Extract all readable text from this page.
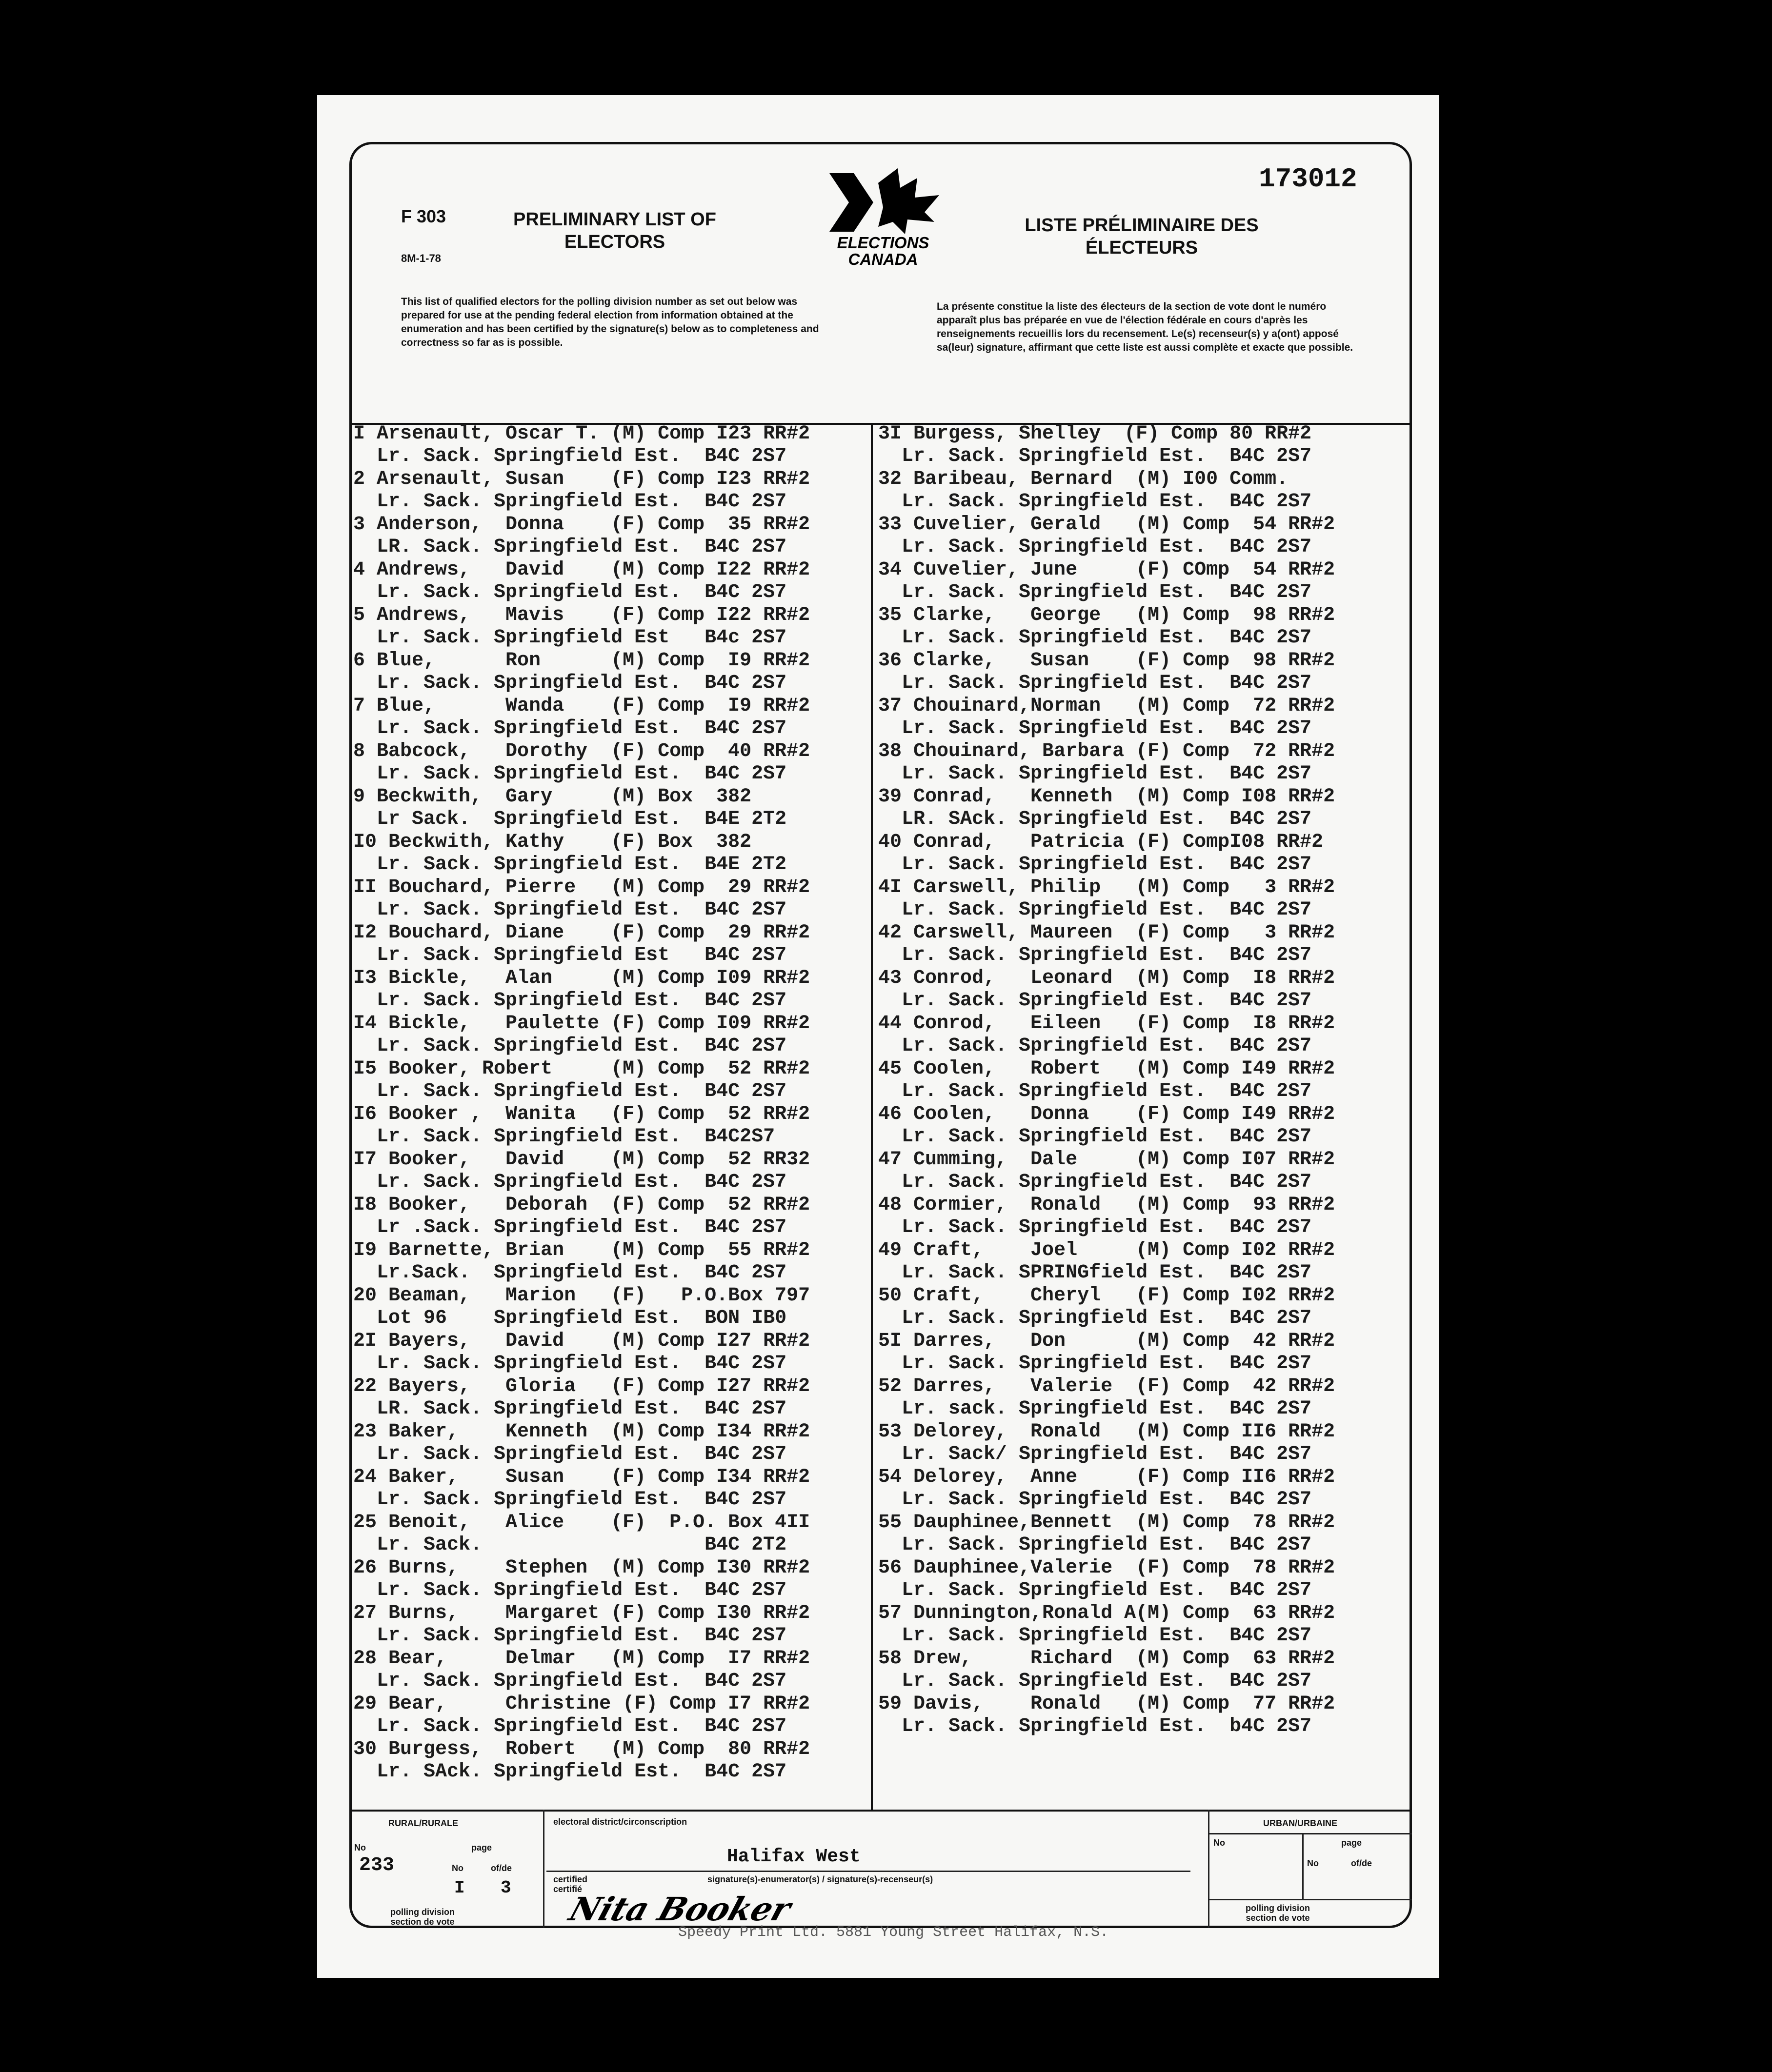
173012
F 303
8M-1-78
PRELIMINARY LIST OF ELECTORS
LISTE PRÉLIMINAIRE DES ÉLECTEURS
ELECTIONS CANADA
This list of qualified electors for the polling division number as set out below was prepared for use at the pending federal election from information obtained at the enumeration and has been certified by the signature(s) below as to completeness and correctness so far as is possible.
La présente constitue la liste des électeurs de la section de vote dont le numéro apparaît plus bas préparée en vue de l'élection fédérale en cours d'après les renseignements recueillis lors du recensement. Le(s) recenseur(s) y a(ont) apposé sa(leur) signature, affirmant que cette liste est aussi complète et exacte que possible.
I Arsenault, Oscar T. (M) Comp I23 RR#2
Lr. Sack. Springfield Est.  B4C 2S7
2 Arsenault, Susan    (F) Comp I23 RR#2
Lr. Sack. Springfield Est.  B4C 2S7
3 Anderson,  Donna    (F) Comp  35 RR#2
LR. Sack. Springfield Est.  B4C 2S7
4 Andrews,   David    (M) Comp I22 RR#2
Lr. Sack. Springfield Est.  B4C 2S7
5 Andrews,   Mavis    (F) Comp I22 RR#2
Lr. Sack. Springfield Est   B4c 2S7
6 Blue,      Ron      (M) Comp  I9 RR#2
Lr. Sack. Springfield Est.  B4C 2S7
7 Blue,      Wanda    (F) Comp  I9 RR#2
Lr. Sack. Springfield Est.  B4C 2S7
8 Babcock,   Dorothy  (F) Comp  40 RR#2
Lr. Sack. Springfield Est.  B4C 2S7
9 Beckwith,  Gary     (M) Box  382
Lr Sack.  Springfield Est.  B4E 2T2
I0 Beckwith, Kathy    (F) Box  382
Lr. Sack. Springfield Est.  B4E 2T2
II Bouchard, Pierre   (M) Comp  29 RR#2
Lr. Sack. Springfield Est.  B4C 2S7
I2 Bouchard, Diane    (F) Comp  29 RR#2
Lr. Sack. Springfield Est   B4C 2S7
I3 Bickle,   Alan     (M) Comp I09 RR#2
Lr. Sack. Springfield Est.  B4C 2S7
I4 Bickle,   Paulette (F) Comp I09 RR#2
Lr. Sack. Springfield Est.  B4C 2S7
I5 Booker, Robert     (M) Comp  52 RR#2
Lr. Sack. Springfield Est.  B4C 2S7
I6 Booker ,  Wanita   (F) Comp  52 RR#2
Lr. Sack. Springfield Est.  B4C2S7
I7 Booker,   David    (M) Comp  52 RR32
Lr. Sack. Springfield Est.  B4C 2S7
I8 Booker,   Deborah  (F) Comp  52 RR#2
Lr .Sack. Springfield Est.  B4C 2S7
I9 Barnette, Brian    (M) Comp  55 RR#2
Lr.Sack.  Springfield Est.  B4C 2S7
20 Beaman,   Marion   (F)   P.O.Box 797
Lot 96    Springfield Est.  BON IB0
2I Bayers,   David    (M) Comp I27 RR#2
Lr. Sack. Springfield Est.  B4C 2S7
22 Bayers,   Gloria   (F) Comp I27 RR#2
LR. Sack. Springfield Est.  B4C 2S7
23 Baker,    Kenneth  (M) Comp I34 RR#2
Lr. Sack. Springfield Est.  B4C 2S7
24 Baker,    Susan    (F) Comp I34 RR#2
Lr. Sack. Springfield Est.  B4C 2S7
25 Benoit,   Alice    (F)  P.O. Box 4II
Lr. Sack.                   B4C 2T2
26 Burns,    Stephen  (M) Comp I30 RR#2
Lr. Sack. Springfield Est.  B4C 2S7
27 Burns,    Margaret (F) Comp I30 RR#2
Lr. Sack. Springfield Est.  B4C 2S7
28 Bear,     Delmar   (M) Comp  I7 RR#2
Lr. Sack. Springfield Est.  B4C 2S7
29 Bear,     Christine (F) Comp I7 RR#2
Lr. Sack. Springfield Est.  B4C 2S7
30 Burgess,  Robert   (M) Comp  80 RR#2
Lr. SAck. Springfield Est.  B4C 2S7
3I Burgess, Shelley  (F) Comp 80 RR#2
Lr. Sack. Springfield Est.  B4C 2S7
32 Baribeau, Bernard  (M) I00 Comm.
Lr. Sack. Springfield Est.  B4C 2S7
33 Cuvelier, Gerald   (M) Comp  54 RR#2
Lr. Sack. Springfield Est.  B4C 2S7
34 Cuvelier, June     (F) COmp  54 RR#2
Lr. Sack. Springfield Est.  B4C 2S7
35 Clarke,   George   (M) Comp  98 RR#2
Lr. Sack. Springfield Est.  B4C 2S7
36 Clarke,   Susan    (F) Comp  98 RR#2
Lr. Sack. Springfield Est.  B4C 2S7
37 Chouinard,Norman   (M) Comp  72 RR#2
Lr. Sack. Springfield Est.  B4C 2S7
38 Chouinard, Barbara (F) Comp  72 RR#2
Lr. Sack. Springfield Est.  B4C 2S7
39 Conrad,   Kenneth  (M) Comp I08 RR#2
LR. SAck. Springfield Est.  B4C 2S7
40 Conrad,   Patricia (F) CompI08 RR#2
Lr. Sack. Springfield Est.  B4C 2S7
4I Carswell, Philip   (M) Comp   3 RR#2
Lr. Sack. Springfield Est.  B4C 2S7
42 Carswell, Maureen  (F) Comp   3 RR#2
Lr. Sack. Springfield Est.  B4C 2S7
43 Conrod,   Leonard  (M) Comp  I8 RR#2
Lr. Sack. Springfield Est.  B4C 2S7
44 Conrod,   Eileen   (F) Comp  I8 RR#2
Lr. Sack. Springfield Est.  B4C 2S7
45 Coolen,   Robert   (M) Comp I49 RR#2
Lr. Sack. Springfield Est.  B4C 2S7
46 Coolen,   Donna    (F) Comp I49 RR#2
Lr. Sack. Springfield Est.  B4C 2S7
47 Cumming,  Dale     (M) Comp I07 RR#2
Lr. Sack. Springfield Est.  B4C 2S7
48 Cormier,  Ronald   (M) Comp  93 RR#2
Lr. Sack. Springfield Est.  B4C 2S7
49 Craft,    Joel     (M) Comp I02 RR#2
Lr. Sack. SPRINGfield Est.  B4C 2S7
50 Craft,    Cheryl   (F) Comp I02 RR#2
Lr. Sack. Springfield Est.  B4C 2S7
5I Darres,   Don      (M) Comp  42 RR#2
Lr. Sack. Springfield Est.  B4C 2S7
52 Darres,   Valerie  (F) Comp  42 RR#2
Lr. sack. Springfield Est.  B4C 2S7
53 Delorey,  Ronald   (M) Comp II6 RR#2
Lr. Sack/ Springfield Est.  B4C 2S7
54 Delorey,  Anne     (F) Comp II6 RR#2
Lr. Sack. Springfield Est.  B4C 2S7
55 Dauphinee,Bennett  (M) Comp  78 RR#2
Lr. Sack. Springfield Est.  B4C 2S7
56 Dauphinee,Valerie  (F) Comp  78 RR#2
Lr. Sack. Springfield Est.  B4C 2S7
57 Dunnington,Ronald A(M) Comp  63 RR#2
Lr. Sack. Springfield Est.  B4C 2S7
58 Drew,     Richard  (M) Comp  63 RR#2
Lr. Sack. Springfield Est.  B4C 2S7
59 Davis,    Ronald   (M) Comp  77 RR#2
Lr. Sack. Springfield Est.  b4C 2S7
RURAL/RURALE
No
233
page
No	of/de
I 3
polling division section de vote
electoral district/circonscription
Halifax West
certified certifié
signature(s)-enumerator(s) / signature(s)-recenseur(s)
Nita Booker
URBAN/URBAINE
No	page
No	of/de
polling division section de vote
Speedy Print Ltd. 5881 Young Street Halifax, N.S.
